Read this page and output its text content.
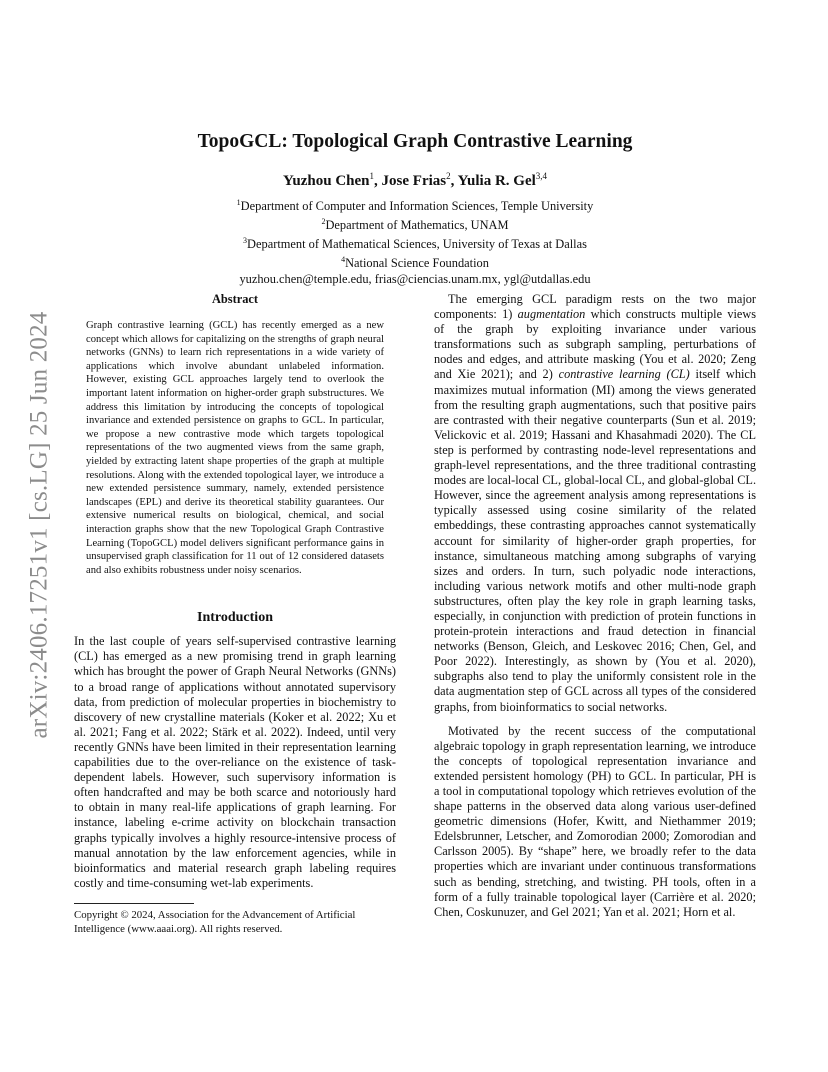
arXiv:2406.17251v1 [cs.LG] 25 Jun 2024
TopoGCL: Topological Graph Contrastive Learning
Yuzhou Chen$^1$, Jose Frias$^2$, Yulia R. Gel$^{3,4}$
$^1$Department of Computer and Information Sciences, Temple University
$^2$Department of Mathematics, UNAM
$^3$Department of Mathematical Sciences, University of Texas at Dallas
$^4$National Science Foundation
yuzhou.chen@temple.edu, frias@ciencias.unam.mx, ygl@utdallas.edu
Abstract

Graph contrastive learning (GCL) has recently emerged as a new concept which allows for capitalizing on the strengths of graph neural networks (GNNs) to learn rich representations in a wide variety of applications which involve abundant unlabeled information. However, existing GCL approaches largely tend to overlook the important latent information on higher-order graph substructures. We address this limitation by introducing the concepts of topological invariance and extended persistence on graphs to GCL. In particular, we propose a new contrastive mode which targets topological representations of the two augmented views from the same graph, yielded by extracting latent shape properties of the graph at multiple resolutions. Along with the extended topological layer, we introduce a new extended persistence summary, namely, extended persistence landscapes (EPL) and derive its theoretical stability guarantees. Our extensive numerical results on biological, chemical, and social interaction graphs show that the new Topological Graph Contrastive Learning (TopoGCL) model delivers significant performance gains in unsupervised graph classification for 11 out of 12 considered datasets and also exhibits robustness under noisy scenarios.

Introduction

In the last couple of years self-supervised contrastive learning (CL) has emerged as a new promising trend in graph learning which has brought the power of Graph Neural Networks (GNNs) to a broad range of applications without annotated supervisory data, from prediction of molecular properties in biochemistry to discovery of new crystalline materials (Koker et al. 2022; Xu et al. 2021; Fang et al. 2022; Stärk et al. 2022). Indeed, until very recently GNNs have been limited in their representation learning capabilities due to the over-reliance on the existence of task-dependent labels. However, such supervisory information is often handcrafted and may be both scarce and notoriously hard to obtain in many real-life applications of graph learning. For instance, labeling e-crime activity on blockchain transaction graphs typically involves a highly resource-intensive process of manual annotation by the law enforcement agencies, while in bioinformatics and material research graph labeling requires costly and time-consuming wet-lab experiments.

Copyright © 2024, Association for the Advancement of Artificial Intelligence (www.aaai.org). All rights reserved.

The emerging GCL paradigm rests on the two major components: 1) augmentation which constructs multiple views of the graph by exploiting invariance under various transformations such as subgraph sampling, perturbations of nodes and edges, and attribute masking (You et al. 2020; Zeng and Xie 2021); and 2) contrastive learning (CL) itself which maximizes mutual information (MI) among the views generated from the resulting graph augmentations, such that positive pairs are contrasted with their negative counterparts (Sun et al. 2019; Velickovic et al. 2019; Hassani and Khasahmadi 2020). The CL step is performed by contrasting node-level representations and graph-level representations, and the three traditional contrasting modes are local-local CL, global-local CL, and global-global CL. However, since the agreement analysis among representations is typically assessed using cosine similarity of the related embeddings, these contrasting approaches cannot systematically account for similarity of higher-order graph properties, for instance, simultaneous matching among subgraphs of varying sizes and orders. In turn, such polyadic node interactions, including various network motifs and other multi-node graph substructures, often play the key role in graph learning tasks, especially, in conjunction with prediction of protein functions in protein-protein interactions and fraud detection in financial networks (Benson, Gleich, and Leskovec 2016; Chen, Gel, and Poor 2022). Interestingly, as shown by (You et al. 2020), subgraphs also tend to play the uniformly consistent role in the data augmentation step of GCL across all types of the considered graphs, from bioinformatics to social networks.

Motivated by the recent success of the computational algebraic topology in graph representation learning, we introduce the concepts of topological representation invariance and extended persistent homology (PH) to GCL. In particular, PH is a tool in computational topology which retrieves evolution of the shape patterns in the observed data along various user-defined geometric dimensions (Hofer, Kwitt, and Niethammer 2019; Edelsbrunner, Letscher, and Zomorodian 2000; Zomorodian and Carlsson 2005). By “shape” here, we broadly refer to the data properties which are invariant under continuous transformations such as bending, stretching, and twisting. PH tools, often in a form of a fully trainable topological layer (Carrière et al. 2020; Chen, Coskunuzer, and Gel 2021; Yan et al. 2021; Horn et al.
